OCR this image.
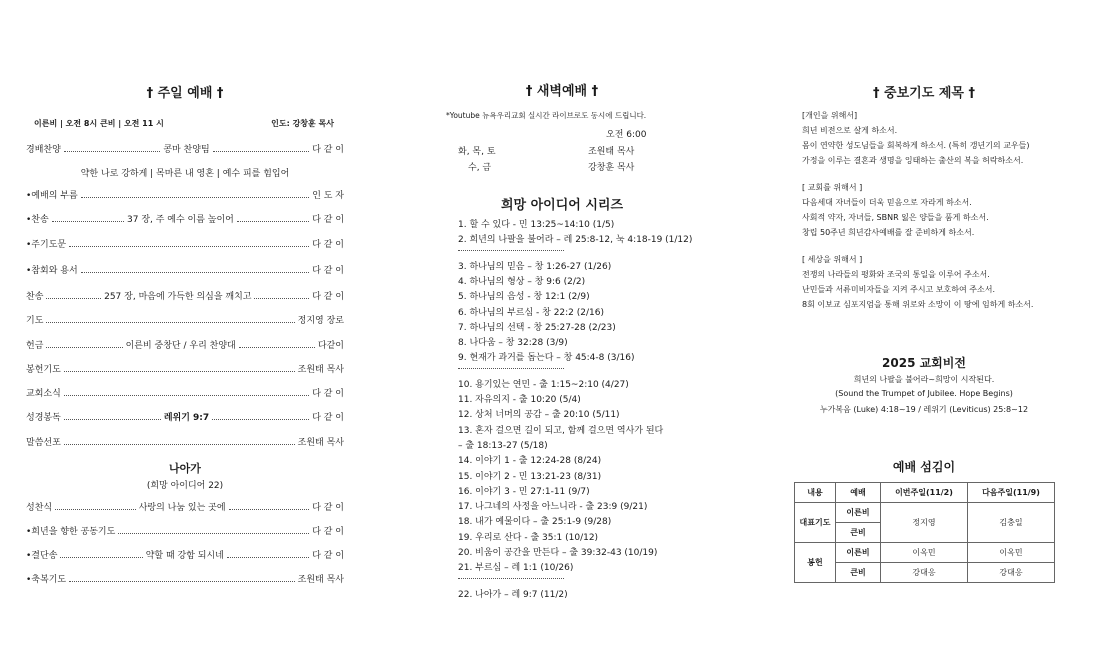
† 주일 예배 †
이른비 | 오전 8시 큰비 | 오전 11 시	인도: 강창훈 목사
경배찬양	콩마 찬양팀	다 같 이
•예배의 부름	인 도 자
•찬송	37 장, 주 예수 이름 높이어	다 같 이
•주기도문	다 같 이
•참회와 용서	다 같 이
찬송	257 장, 마음에 가득한 의심을 깨치고	다 같 이
기도	정지영 장로
헌금	이른비 중창단 / 우리 찬양대	다같이
봉헌기도	조원태 목사
교회소식	다 같 이
성경봉독	레위기 9:7	다 같 이
말씀선포	조원태 목사
약한 나로 강하게 | 목마른 내 영혼 | 예수 피를 힘입어
나아가
(희망 아이디어 22)
성찬식	사랑의 나눔 있는 곳에	다 같 이
•희년을 향한 공동기도	다 같 이
•결단송	약할 때 강함 되시네	다 같 이
•축복기도	조원태 목사
† 새벽예배 †
*Youtube 뉴욕우리교회 실시간 라이브로도 동시에 드립니다.
오전 6:00
화, 목, 토	조원태 목사
수, 금	강창훈 목사
희망 아이디어 시리즈
1. 할 수 있다 - 민 13:25~14:10 (1/5)
2. 희년의 나팔을 불어라 – 레 25:8-12, 눅 4:18-19 (1/12)
3. 하나님의 믿음 – 창 1:26-27 (1/26)
4. 하나님의 형상 – 창 9:6 (2/2)
5. 하나님의 음성 - 창 12:1 (2/9)
6. 하나님의 부르심 - 창 22:2 (2/16)
7. 하나님의 선택 - 창 25:27-28 (2/23)
8. 나다움 – 창 32:28 (3/9)
9. 현재가 과거를 돕는다 – 창 45:4-8 (3/16)
10. 용기있는 연민 - 출 1:15~2:10 (4/27)
11. 자유의지 - 출 10:20 (5/4)
12. 상처 너머의 공감 – 출 20:10 (5/11)
13. 혼자 걸으면 길이 되고, 함께 걸으면 역사가 된다
– 출 18:13-27 (5/18)
14. 이야기 1 - 출 12:24-28 (8/24)
15. 이야기 2 - 민 13:21-23 (8/31)
16. 이야기 3 - 민 27:1-11 (9/7)
17. 나그네의 사정을 아느니라 - 출 23:9 (9/21)
18. 내가 예물이다 – 출 25:1-9 (9/28)
19. 우리로 산다 - 출 35:1 (10/12)
20. 비움이 공간을 만든다 – 출 39:32-43 (10/19)
21. 부르심 – 레 1:1 (10/26)
22. 나아가 – 레 9:7 (11/2)
† 중보기도 제목 †
[개인을 위해서]
희년 비전으로 살게 하소서.
몸이 연약한 성도님들을 회복하게 하소서. (특히 갱년기의 교우들)
가정을 이루는 결혼과 생명을 잉태하는 출산의 복을 허락하소서.
[ 교회를 위해서 ]
다음세대 자녀들이 더욱 믿음으로 자라게 하소서.
사회적 약자, 자녀들, SBNR 잃은 양들을 품게 하소서.
창립 50주년 희년감사예배를 잘 준비하게 하소서.
[ 세상을 위해서 ]
전쟁의 나라들의 평화와 조국의 통일을 이루어 주소서.
난민들과 서류미비자들을 지켜 주시고 보호하여 주소서.
8회 이보교 심포지엄을 통해 위로와 소망이 이 땅에 임하게 하소서.
2025 교회비전
희년의 나팔을 불어라~희망이 시작된다.
(Sound the Trumpet of Jubilee. Hope Begins)
누가복음 (Luke) 4:18~19 / 레위기 (Leviticus) 25:8~12
예배 섬김이
내용	예배	이번주일(11/2)	다음주일(11/9)
대표기도	이른비	정지영	김충일
	큰비		
봉헌	이른비	이옥민	이옥민
	큰비	강대응	강대응
